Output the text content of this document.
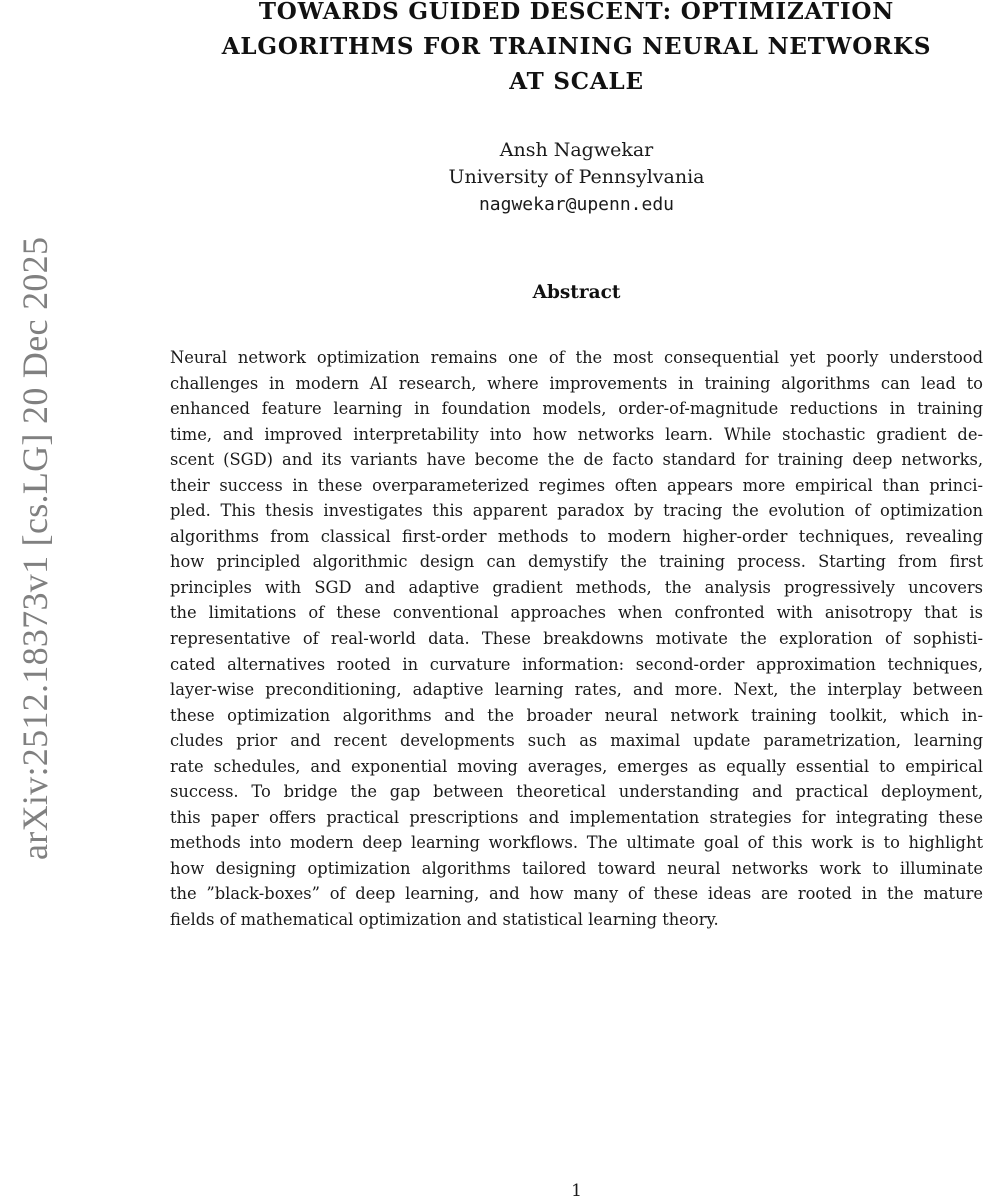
arXiv:2512.18373v1 [cs.LG] 20 Dec 2025
TOWARDS GUIDED DESCENT: OPTIMIZATION
ALGORITHMS FOR TRAINING NEURAL NETWORKS
AT SCALE
Ansh Nagwekar
University of Pennsylvania
nagwekar@upenn.edu
Abstract
Neural network optimization remains one of the most consequential yet poorly understood
challenges in modern AI research, where improvements in training algorithms can lead to
enhanced feature learning in foundation models, order-of-magnitude reductions in training
time, and improved interpretability into how networks learn. While stochastic gradient de-
scent (SGD) and its variants have become the de facto standard for training deep networks,
their success in these overparameterized regimes often appears more empirical than princi-
pled. This thesis investigates this apparent paradox by tracing the evolution of optimization
algorithms from classical first-order methods to modern higher-order techniques, revealing
how principled algorithmic design can demystify the training process. Starting from first
principles with SGD and adaptive gradient methods, the analysis progressively uncovers
the limitations of these conventional approaches when confronted with anisotropy that is
representative of real-world data. These breakdowns motivate the exploration of sophisti-
cated alternatives rooted in curvature information: second-order approximation techniques,
layer-wise preconditioning, adaptive learning rates, and more. Next, the interplay between
these optimization algorithms and the broader neural network training toolkit, which in-
cludes prior and recent developments such as maximal update parametrization, learning
rate schedules, and exponential moving averages, emerges as equally essential to empirical
success. To bridge the gap between theoretical understanding and practical deployment,
this paper offers practical prescriptions and implementation strategies for integrating these
methods into modern deep learning workflows. The ultimate goal of this work is to highlight
how designing optimization algorithms tailored toward neural networks work to illuminate
the ”black-boxes” of deep learning, and how many of these ideas are rooted in the mature
fields of mathematical optimization and statistical learning theory.
1
